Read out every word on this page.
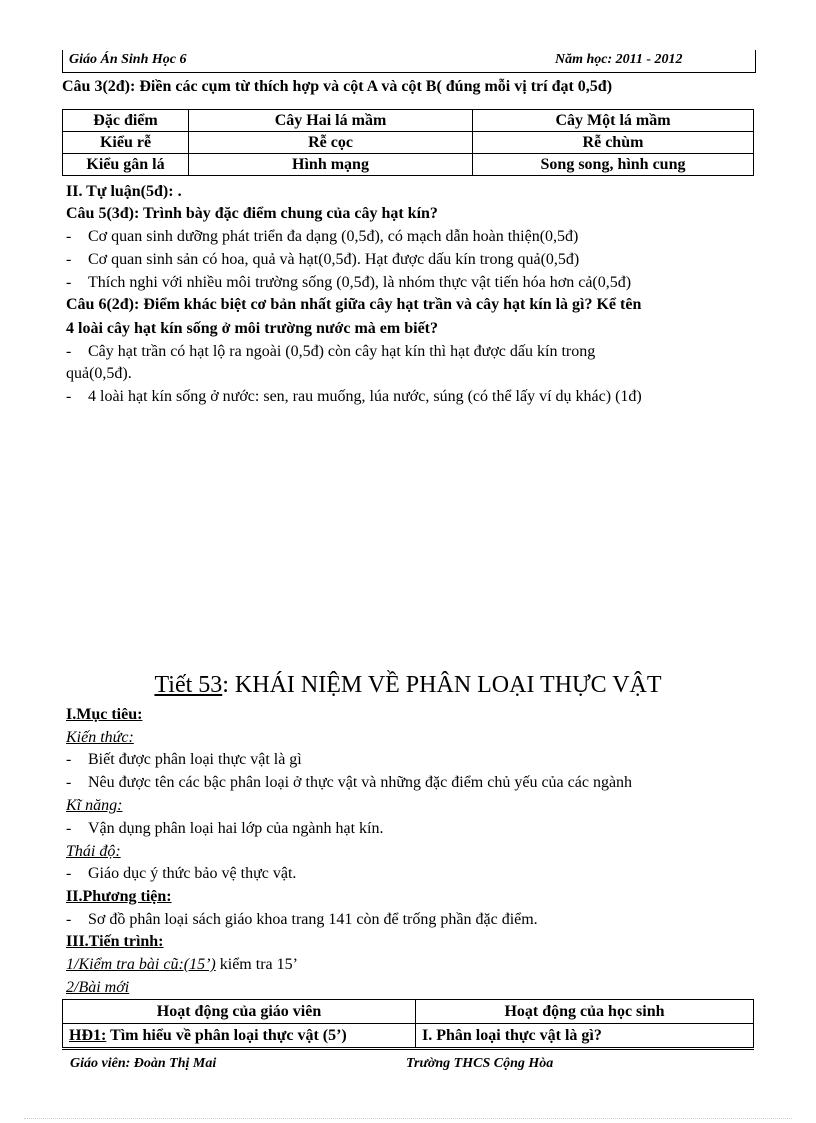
Giáo Án Sinh Học 6	Năm học: 2011 - 2012
Câu 3(2đ): Điền các cụm từ thích hợp và cột A và cột B( đúng mỗi vị trí đạt 0,5đ)
Đặc điểm	Cây Hai lá mầm	Cây Một lá mầm
Kiểu rễ	Rễ cọc	Rễ chùm
Kiểu gân lá	Hình mạng	Song song, hình cung
II. Tự luận(5đ): .
Câu 5(3đ): Trình bày đặc điểm chung của cây hạt kín?
- Cơ quan sinh dưỡng phát triển đa dạng (0,5đ), có mạch dẫn hoàn thiện(0,5đ)
- Cơ quan sinh sản có hoa, quả và hạt(0,5đ). Hạt được dấu kín trong quả(0,5đ)
- Thích nghi với nhiều môi trường sống (0,5đ), là nhóm thực vật tiến hóa hơn cả(0,5đ)
Câu 6(2đ): Điểm khác biệt cơ bản nhất giữa cây hạt trần và cây hạt kín là gì? Kể tên
4 loài cây hạt kín sống ở môi trường nước mà em biết?
- Cây hạt trần có hạt lộ ra ngoài (0,5đ) còn cây hạt kín thì hạt được dấu kín trong
quả(0,5đ).
- 4 loài hạt kín sống ở nước: sen, rau muống, lúa nước, súng (có thể lấy ví dụ khác) (1đ)
Tiết 53: KHÁI NIỆM VỀ PHÂN LOẠI THỰC VẬT
I.Mục tiêu:
Kiến thức:
- Biết được phân loại thực vật là gì
- Nêu được tên các bậc phân loại ở thực vật và những đặc điểm chủ yếu của các ngành
Kĩ năng:
- Vận dụng phân loại hai lớp của ngành hạt kín.
Thái độ:
- Giáo dục ý thức bảo vệ thực vật.
II.Phương tiện:
- Sơ đồ phân loại sách giáo khoa trang 141 còn để trống phần đặc điểm.
III.Tiến trình:
1/Kiểm tra bài cũ:(15’) kiểm tra 15’
2/Bài mới
Hoạt động của giáo viên	Hoạt động của học sinh
HĐ1: Tìm hiểu về phân loại thực vật (5’)	I. Phân loại thực vật là gì?
Giáo viên: Đoàn Thị Mai	Trường THCS Cộng Hòa
